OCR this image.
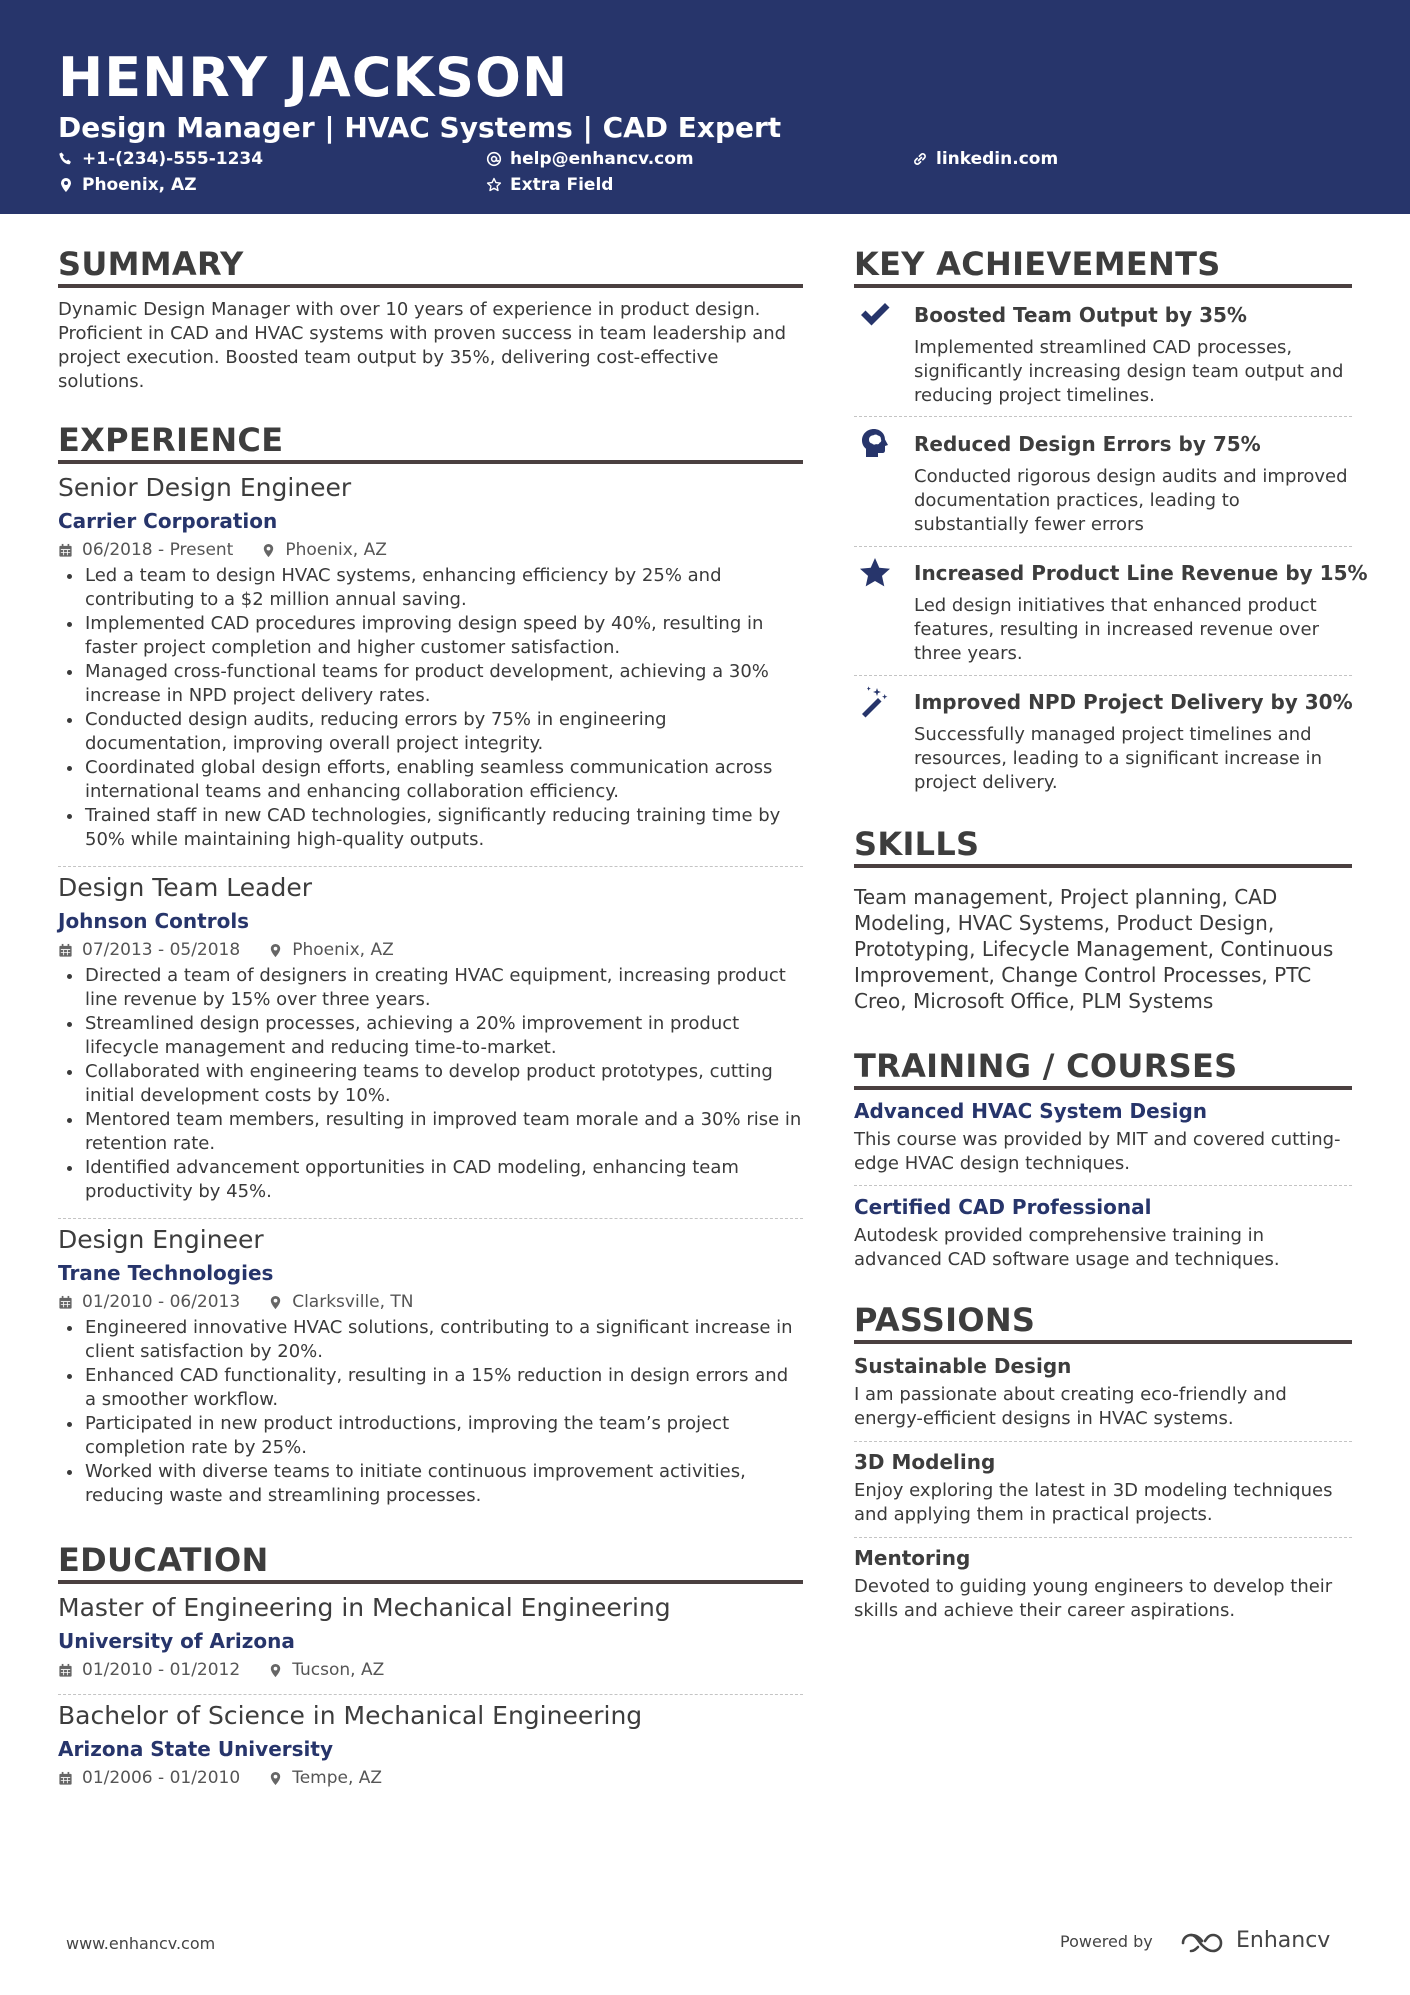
HENRY JACKSON
Design Manager | HVAC Systems | CAD Expert
+1-(234)-555-1234	help@enhancv.com	linkedin.com
Phoenix, AZ	Extra Field
SUMMARY
Dynamic Design Manager with over 10 years of experience in product design. Proficient in CAD and HVAC systems with proven success in team leadership and project execution. Boosted team output by 35%, delivering cost-effective solutions.
EXPERIENCE
Senior Design Engineer
Carrier Corporation
06/2018 - Present	Phoenix, AZ
Led a team to design HVAC systems, enhancing efficiency by 25% and contributing to a $2 million annual saving.
Implemented CAD procedures improving design speed by 40%, resulting in faster project completion and higher customer satisfaction.
Managed cross-functional teams for product development, achieving a 30% increase in NPD project delivery rates.
Conducted design audits, reducing errors by 75% in engineering documentation, improving overall project integrity.
Coordinated global design efforts, enabling seamless communication across international teams and enhancing collaboration efficiency.
Trained staff in new CAD technologies, significantly reducing training time by 50% while maintaining high-quality outputs.
Design Team Leader
Johnson Controls
07/2013 - 05/2018	Phoenix, AZ
Directed a team of designers in creating HVAC equipment, increasing product line revenue by 15% over three years.
Streamlined design processes, achieving a 20% improvement in product lifecycle management and reducing time-to-market.
Collaborated with engineering teams to develop product prototypes, cutting initial development costs by 10%.
Mentored team members, resulting in improved team morale and a 30% rise in retention rate.
Identified advancement opportunities in CAD modeling, enhancing team productivity by 45%.
Design Engineer
Trane Technologies
01/2010 - 06/2013	Clarksville, TN
Engineered innovative HVAC solutions, contributing to a significant increase in client satisfaction by 20%.
Enhanced CAD functionality, resulting in a 15% reduction in design errors and a smoother workflow.
Participated in new product introductions, improving the team’s project completion rate by 25%.
Worked with diverse teams to initiate continuous improvement activities, reducing waste and streamlining processes.
EDUCATION
Master of Engineering in Mechanical Engineering
University of Arizona
01/2010 - 01/2012	Tucson, AZ
Bachelor of Science in Mechanical Engineering
Arizona State University
01/2006 - 01/2010	Tempe, AZ
KEY ACHIEVEMENTS
Boosted Team Output by 35%
Implemented streamlined CAD processes, significantly increasing design team output and reducing project timelines.
Reduced Design Errors by 75%
Conducted rigorous design audits and improved documentation practices, leading to substantially fewer errors
Increased Product Line Revenue by 15%
Led design initiatives that enhanced product features, resulting in increased revenue over three years.
Improved NPD Project Delivery by 30%
Successfully managed project timelines and resources, leading to a significant increase in project delivery.
SKILLS
Team management, Project planning, CAD Modeling, HVAC Systems, Product Design, Prototyping, Lifecycle Management, Continuous Improvement, Change Control Processes, PTC Creo, Microsoft Office, PLM Systems
TRAINING / COURSES
Advanced HVAC System Design
This course was provided by MIT and covered cutting-edge HVAC design techniques.
Certified CAD Professional
Autodesk provided comprehensive training in advanced CAD software usage and techniques.
PASSIONS
Sustainable Design
I am passionate about creating eco-friendly and energy-efficient designs in HVAC systems.
3D Modeling
Enjoy exploring the latest in 3D modeling techniques and applying them in practical projects.
Mentoring
Devoted to guiding young engineers to develop their skills and achieve their career aspirations.
www.enhancv.com	Powered by	Enhancv
